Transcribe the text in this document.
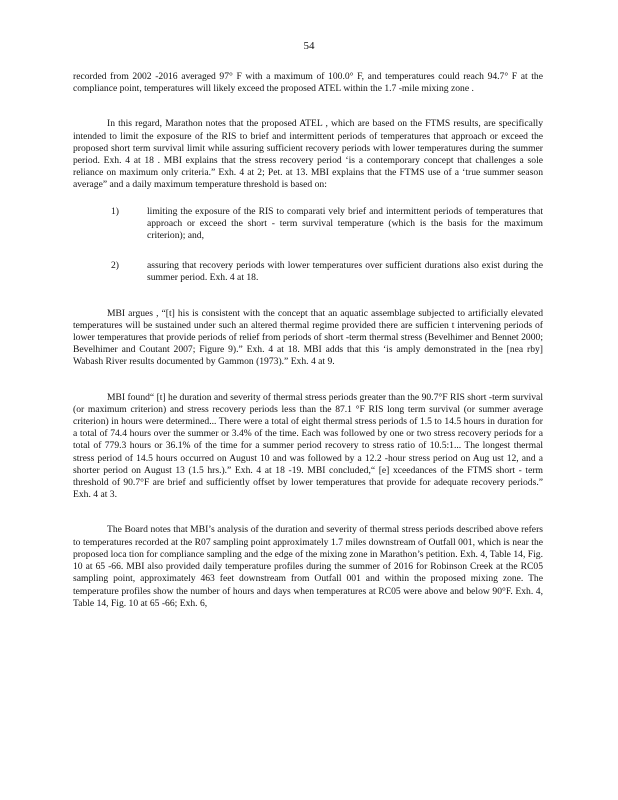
54

recorded from 2002 -2016 averaged 97° F with a maximum of 100.0° F, and temperatures could reach 94.7° F at the compliance point, temperatures will likely exceed the proposed ATEL within the 1.7 -mile mixing zone .

In this regard, Marathon notes that the proposed ATEL , which are based on the FTMS results, are specifically intended to limit the exposure of the RIS to brief and intermittent periods of temperatures that approach or exceed the proposed short term survival limit while assuring sufficient recovery periods with lower temperatures during the summer period. Exh. 4 at 18 . MBI explains that the stress recovery period ‘is a contemporary concept that challenges a sole reliance on maximum only criteria.” Exh. 4 at 2; Pet. at 13. MBI explains that the FTMS use of a ‘true summer season average” and a daily maximum temperature threshold is based on:

1)	limiting the exposure of the RIS to comparati vely brief and intermittent periods of temperatures that approach or exceed the short - term survival temperature (which is the basis for the maximum criterion); and,
2)	assuring that recovery periods with lower temperatures over sufficient durations also exist during the summer period. Exh. 4 at 18.

MBI argues , “[t] his is consistent with the concept that an aquatic assemblage subjected to artificially elevated temperatures will be sustained under such an altered thermal regime provided there are sufficien t intervening periods of lower temperatures that provide periods of relief from periods of short -term thermal stress (Bevelhimer and Bennet 2000; Bevelhimer and Coutant 2007; Figure 9).” Exh. 4 at 18. MBI adds that this ‘is amply demonstrated in the [nea rby] Wabash River results documented by Gammon (1973).” Exh. 4 at 9.

MBI found“ [t] he duration and severity of thermal stress periods greater than the 90.7°F RIS short -term survival (or maximum criterion) and stress recovery periods less than the 87.1 °F RIS long term survival (or summer average criterion) in hours were determined... There were a total of eight thermal stress periods of 1.5 to 14.5 hours in duration for a total of 74.4 hours over the summer or 3.4% of the time. Each was followed by one or two stress recovery periods for a total of 779.3 hours or 36.1% of the time for a summer period recovery to stress ratio of 10.5:1... The longest thermal stress period of 14.5 hours occurred on August 10 and was followed by a 12.2 -hour stress period on Aug ust 12, and a shorter period on August 13 (1.5 hrs.).” Exh. 4 at 18 -19. MBI concluded,“ [e] xceedances of the FTMS short - term threshold of 90.7°F are brief and sufficiently offset by lower temperatures that provide for adequate recovery periods.” Exh. 4 at 3.

The Board notes that MBI’s analysis of the duration and severity of thermal stress periods described above refers to temperatures recorded at the R07 sampling point approximately 1.7 miles downstream of Outfall 001, which is near the proposed loca tion for compliance sampling and the edge of the mixing zone in Marathon’s petition. Exh. 4, Table 14, Fig. 10 at 65 -66. MBI also provided daily temperature profiles during the summer of 2016 for Robinson Creek at the RC05 sampling point, approximately 463 feet downstream from Outfall 001 and within the proposed mixing zone. The temperature profiles show the number of hours and days when temperatures at RC05 were above and below 90°F. Exh. 4, Table 14, Fig. 10 at 65 -66; Exh. 6,
